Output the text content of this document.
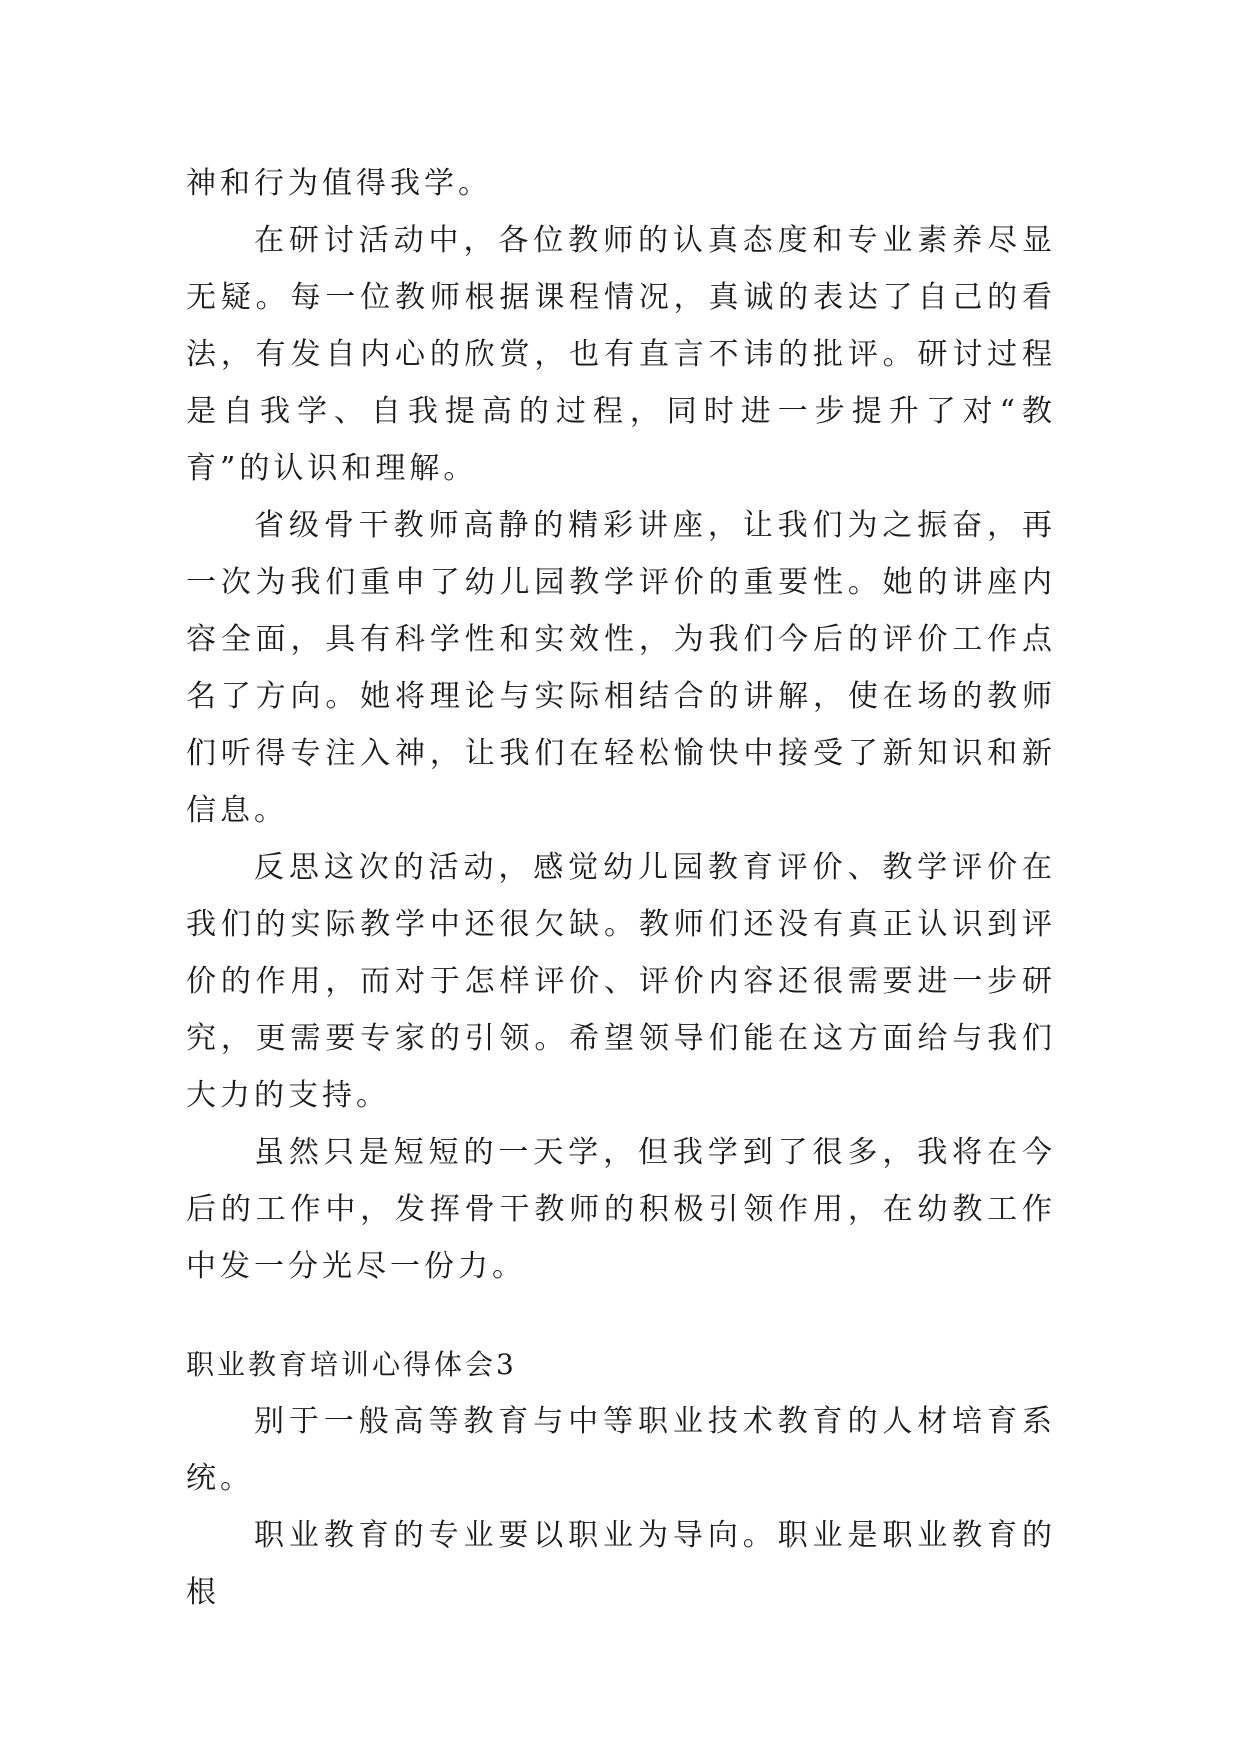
神和行为值得我学。

在研讨活动中，各位教师的认真态度和专业素养尽显无疑。每一位教师根据课程情况，真诚的表达了自己的看法，有发自内心的欣赏，也有直言不讳的批评。研讨过程是自我学、自我提高的过程，同时进一步提升了对“教育”的认识和理解。

省级骨干教师高静的精彩讲座，让我们为之振奋，再一次为我们重申了幼儿园教学评价的重要性。她的讲座内容全面，具有科学性和实效性，为我们今后的评价工作点名了方向。她将理论与实际相结合的讲解，使在场的教师们听得专注入神，让我们在轻松愉快中接受了新知识和新信息。

反思这次的活动，感觉幼儿园教育评价、教学评价在我们的实际教学中还很欠缺。教师们还没有真正认识到评价的作用，而对于怎样评价、评价内容还很需要进一步研究，更需要专家的引领。希望领导们能在这方面给与我们大力的支持。

虽然只是短短的一天学，但我学到了很多，我将在今后的工作中，发挥骨干教师的积极引领作用，在幼教工作中发一分光尽一份力。

职业教育培训心得体会3

别于一般高等教育与中等职业技术教育的人材培育系统。

职业教育的专业要以职业为导向。职业是职业教育的根
